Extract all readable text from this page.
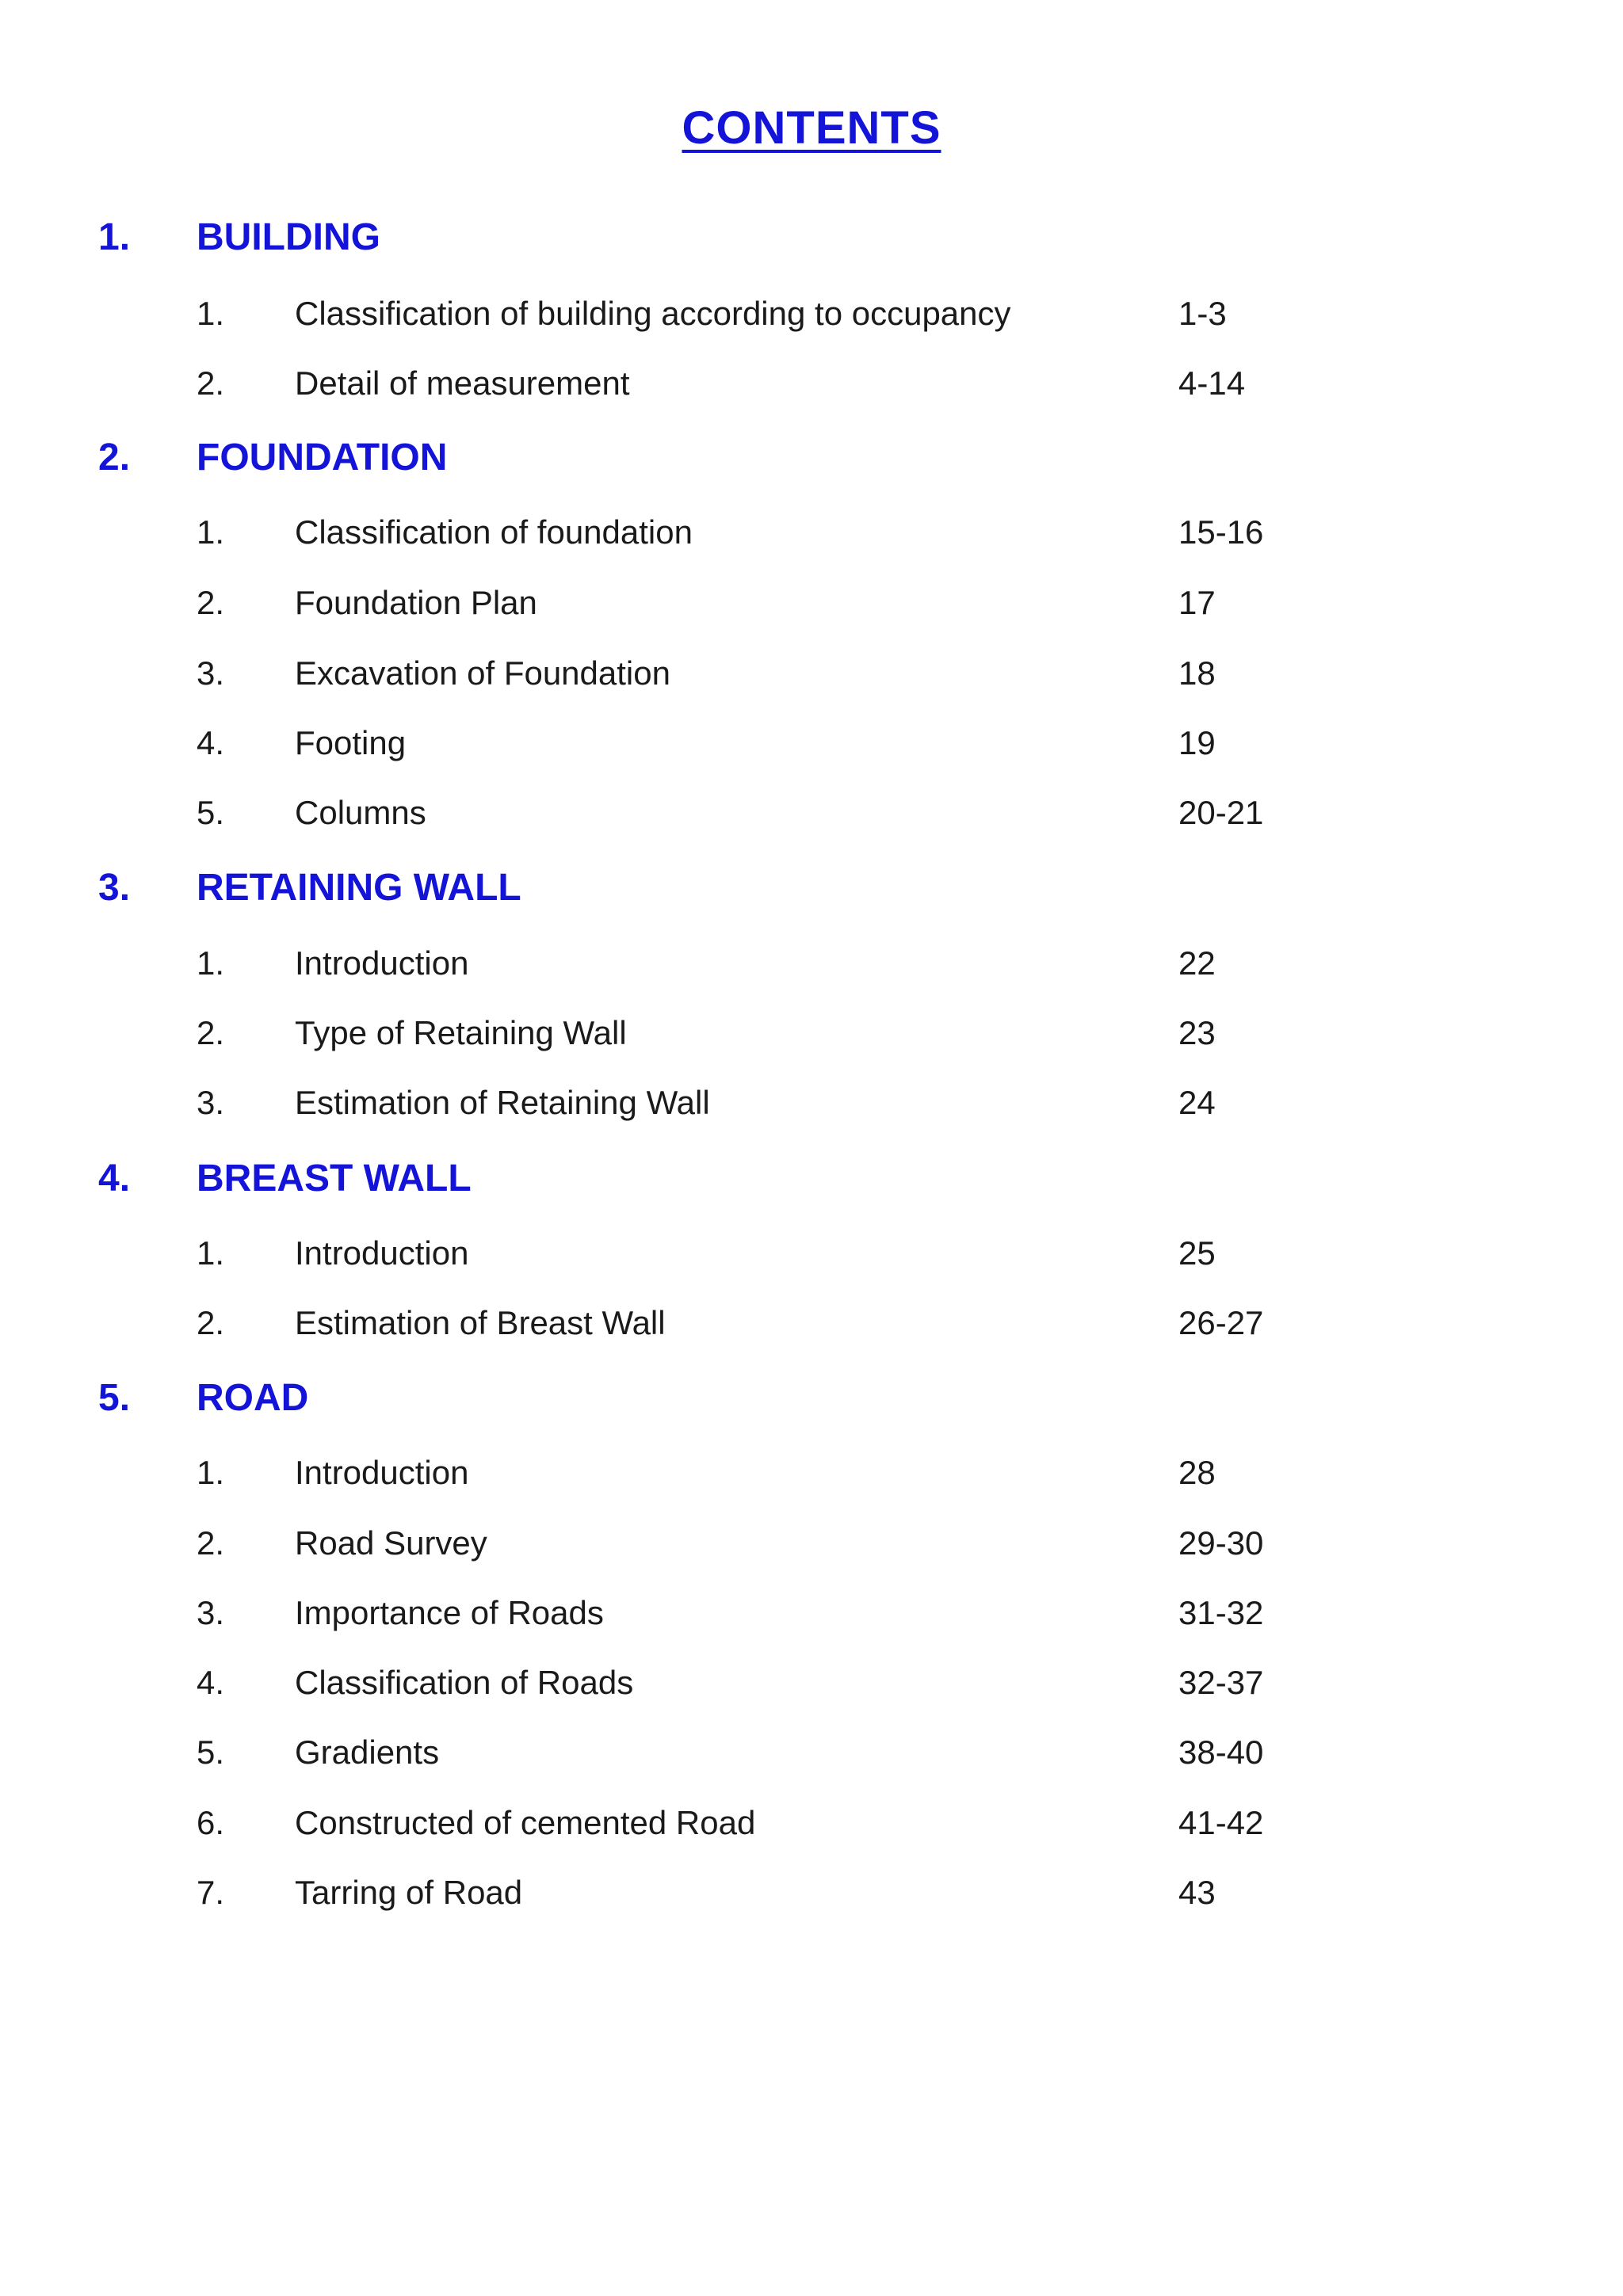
CONTENTS
1. BUILDING
1. Classification of building according to occupancy	1-3
2. Detail of measurement	4-14
2. FOUNDATION
1. Classification of foundation	15-16
2. Foundation Plan	17
3. Excavation of Foundation	18
4. Footing	19
5. Columns	20-21
3. RETAINING WALL
1. Introduction	22
2. Type of Retaining Wall	23
3. Estimation of Retaining Wall	24
4. BREAST WALL
1. Introduction	25
2. Estimation of Breast Wall	26-27
5. ROAD
1. Introduction	28
2. Road Survey	29-30
3. Importance of Roads	31-32
4. Classification of Roads	32-37
5. Gradients	38-40
6. Constructed of cemented Road	41-42
7. Tarring of Road	43
